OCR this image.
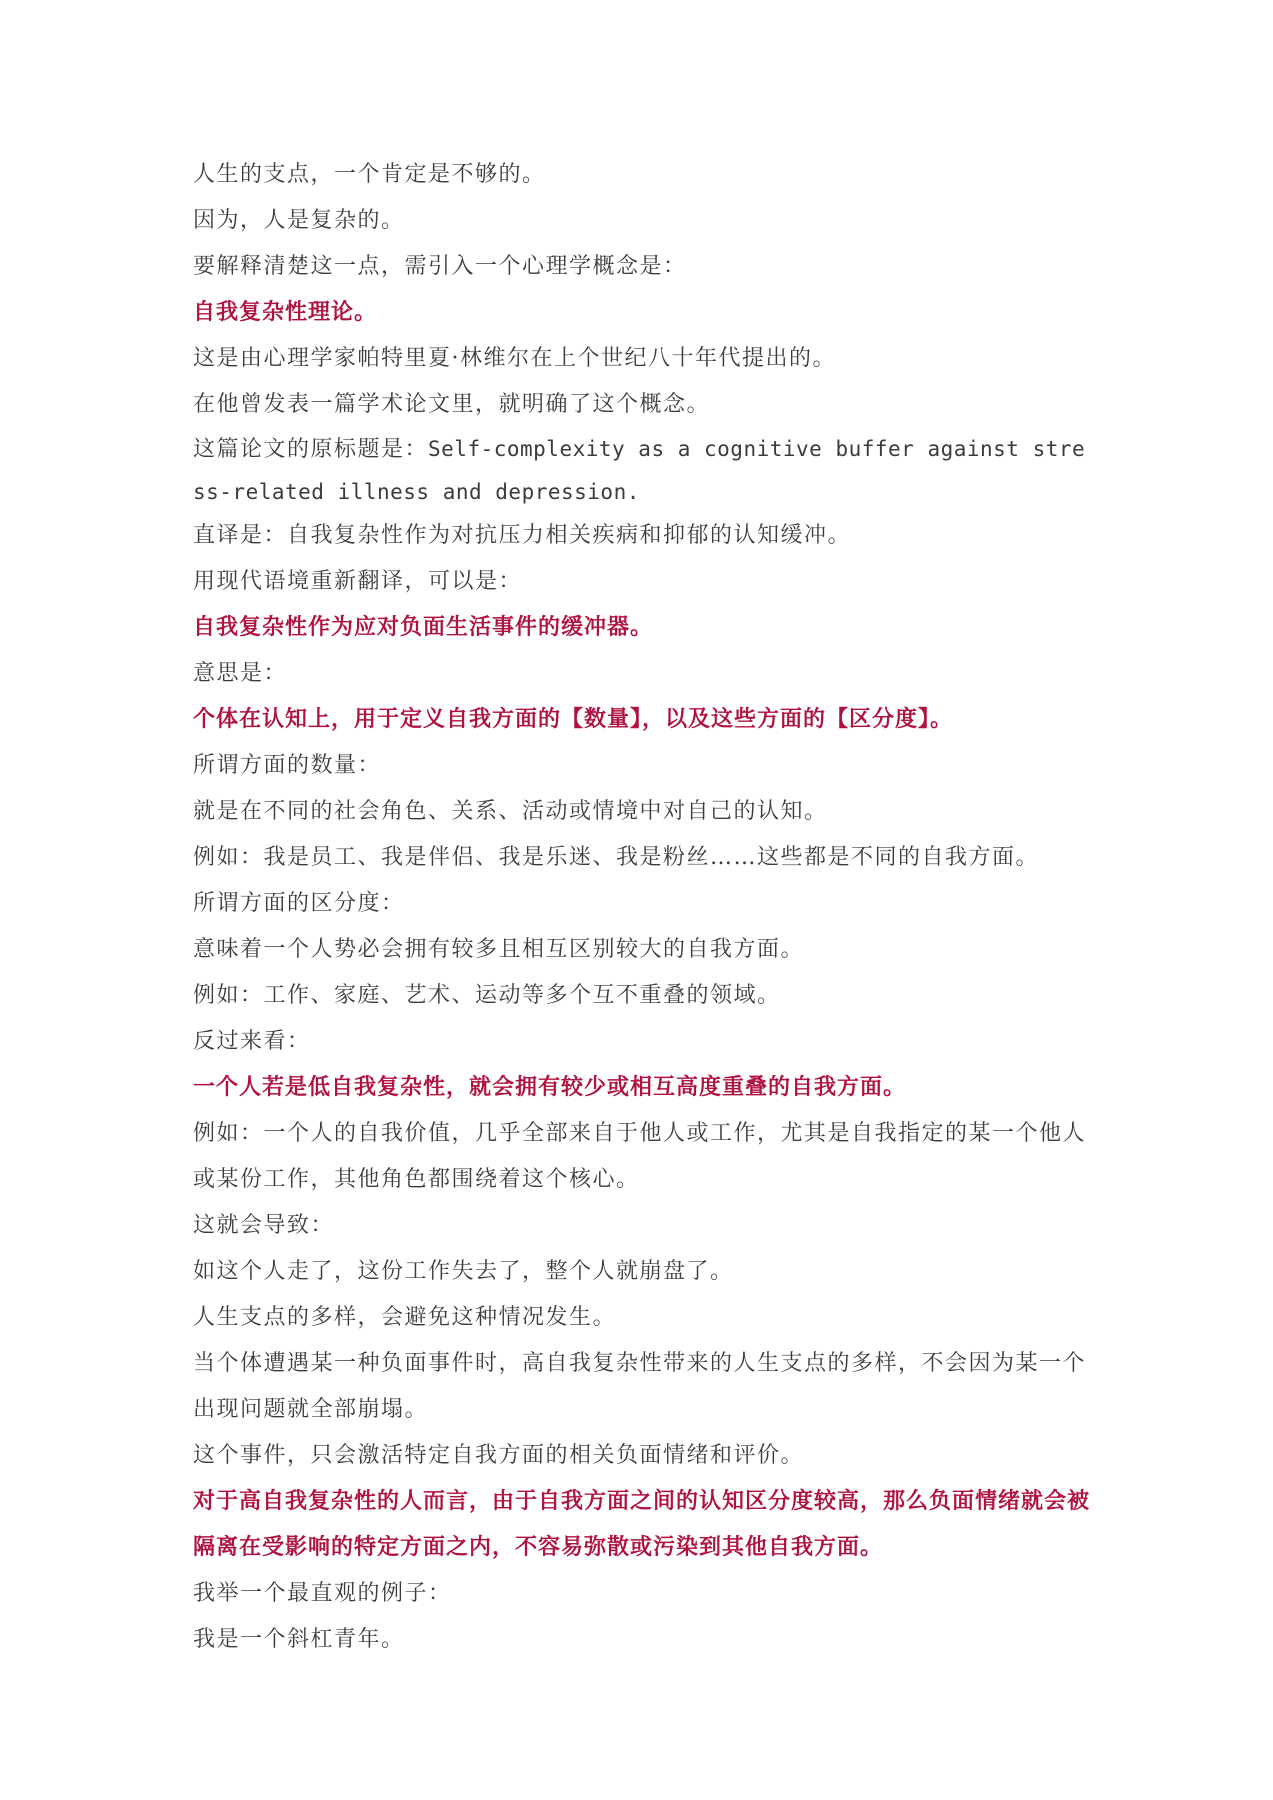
人生的支点，一个肯定是不够的。

因为，人是复杂的。

要解释清楚这一点，需引入一个心理学概念是：

自我复杂性理论。

这是由心理学家帕特里夏·林维尔在上个世纪八十年代提出的。

在他曾发表一篇学术论文里，就明确了这个概念。

这篇论文的原标题是：Self-complexity as a cognitive buffer against stress-related illness and depression.

直译是：自我复杂性作为对抗压力相关疾病和抑郁的认知缓冲。

用现代语境重新翻译，可以是：

自我复杂性作为应对负面生活事件的缓冲器。

意思是：

个体在认知上，用于定义自我方面的【数量】，以及这些方面的【区分度】。

所谓方面的数量：

就是在不同的社会角色、关系、活动或情境中对自己的认知。

例如：我是员工、我是伴侣、我是乐迷、我是粉丝……这些都是不同的自我方面。

所谓方面的区分度：

意味着一个人势必会拥有较多且相互区别较大的自我方面。

例如：工作、家庭、艺术、运动等多个互不重叠的领域。

反过来看：

一个人若是低自我复杂性，就会拥有较少或相互高度重叠的自我方面。

例如：一个人的自我价值，几乎全部来自于他人或工作，尤其是自我指定的某一个他人或某份工作，其他角色都围绕着这个核心。

这就会导致：

如这个人走了，这份工作失去了，整个人就崩盘了。

人生支点的多样，会避免这种情况发生。

当个体遭遇某一种负面事件时，高自我复杂性带来的人生支点的多样，不会因为某一个出现问题就全部崩塌。

这个事件，只会激活特定自我方面的相关负面情绪和评价。

对于高自我复杂性的人而言，由于自我方面之间的认知区分度较高，那么负面情绪就会被隔离在受影响的特定方面之内，不容易弥散或污染到其他自我方面。

我举一个最直观的例子：

我是一个斜杠青年。
